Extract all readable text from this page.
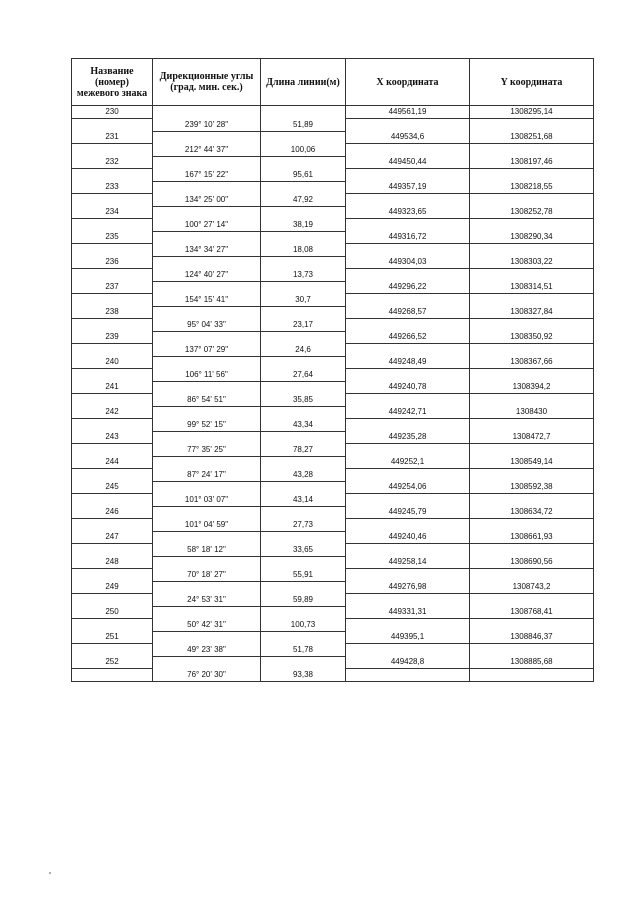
Название (номер) межевого знака	Дирекционные углы (град. мин. сек.)	Длина линии(м)	X координата	Y координата
230			449561,19	1308295,14
	239° 10' 28"	51,89		
231			449534,6	1308251,68
	212° 44' 37"	100,06		
232			449450,44	1308197,46
	167° 15' 22"	95,61		
233			449357,19	1308218,55
	134° 25' 00"	47,92		
234			449323,65	1308252,78
	100° 27' 14"	38,19		
235			449316,72	1308290,34
	134° 34' 27"	18,08		
236			449304,03	1308303,22
	124° 40' 27"	13,73		
237			449296,22	1308314,51
	154° 15' 41"	30,7		
238			449268,57	1308327,84
	95° 04' 33"	23,17		
239			449266,52	1308350,92
	137° 07' 29"	24,6		
240			449248,49	1308367,66
	106° 11' 56"	27,64		
241			449240,78	1308394,2
	86° 54' 51"	35,85		
242			449242,71	1308430
	99° 52' 15"	43,34		
243			449235,28	1308472,7
	77° 35' 25"	78,27		
244			449252,1	1308549,14
	87° 24' 17"	43,28		
245			449254,06	1308592,38
	101° 03' 07"	43,14		
246			449245,79	1308634,72
	101° 04' 59"	27,73		
247			449240,46	1308661,93
	58° 18' 12"	33,65		
248			449258,14	1308690,56
	70° 18' 27"	55,91		
249			449276,98	1308743,2
	24° 53' 31"	59,89		
250			449331,31	1308768,41
	50° 42' 31"	100,73		
251			449395,1	1308846,37
	49° 23' 38"	51,78		
252			449428,8	1308885,68
	76° 20' 30"	93,38		
